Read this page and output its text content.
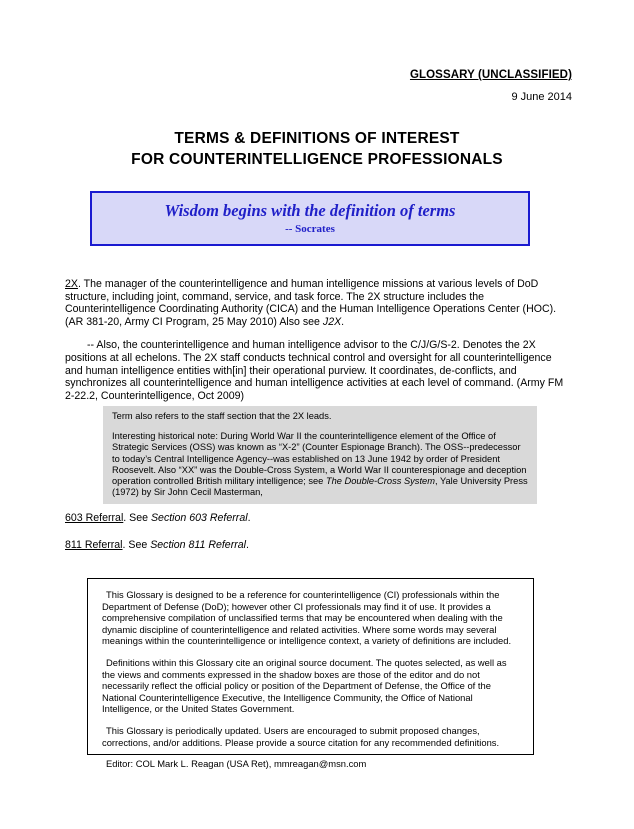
GLOSSARY (UNCLASSIFIED)
9 June 2014
TERMS & DEFINITIONS OF INTEREST
FOR COUNTERINTELLIGENCE PROFESSIONALS
Wisdom begins with the definition of terms
-- Socrates

2X. The manager of the counterintelligence and human intelligence missions at various levels of DoD structure, including joint, command, service, and task force. The 2X structure includes the Counterintelligence Coordinating Authority (CICA) and the Human Intelligence Operations Center (HOC). (AR 381-20, Army CI Program, 25 May 2010) Also see J2X.

-- Also, the counterintelligence and human intelligence advisor to the C/J/G/S-2. Denotes the 2X positions at all echelons. The 2X staff conducts technical control and oversight for all counterintelligence and human intelligence entities with[in] their operational purview. It coordinates, de-conflicts, and synchronizes all counterintelligence and human intelligence activities at each level of command. (Army FM 2-22.2, Counterintelligence, Oct 2009)

Term also refers to the staff section that the 2X leads.

Interesting historical note: During World War II the counterintelligence element of the Office of Strategic Services (OSS) was known as “X-2” (Counter Espionage Branch). The OSS--predecessor to today’s Central Intelligence Agency--was established on 13 June 1942 by order of President Roosevelt. Also “XX” was the Double-Cross System, a World War II counterespionage and deception operation controlled British military intelligence; see The Double-Cross System, Yale University Press (1972) by Sir John Cecil Masterman,

603 Referral. See Section 603 Referral.

811 Referral. See Section 811 Referral.

This Glossary is designed to be a reference for counterintelligence (CI) professionals within the Department of Defense (DoD); however other CI professionals may find it of use. It provides a comprehensive compilation of unclassified terms that may be encountered when dealing with the dynamic discipline of counterintelligence and related activities. Where some words may several meanings within the counterintelligence or intelligence context, a variety of definitions are included.

Definitions within this Glossary cite an original source document. The quotes selected, as well as the views and comments expressed in the shadow boxes are those of the editor and do not necessarily reflect the official policy or position of the Department of Defense, the Office of the National Counterintelligence Executive, the Intelligence Community, the Office of National Intelligence, or the United States Government.

This Glossary is periodically updated. Users are encouraged to submit proposed changes, corrections, and/or additions. Please provide a source citation for any recommended definitions.

Editor: COL Mark L. Reagan (USA Ret), mmreagan@msn.com
